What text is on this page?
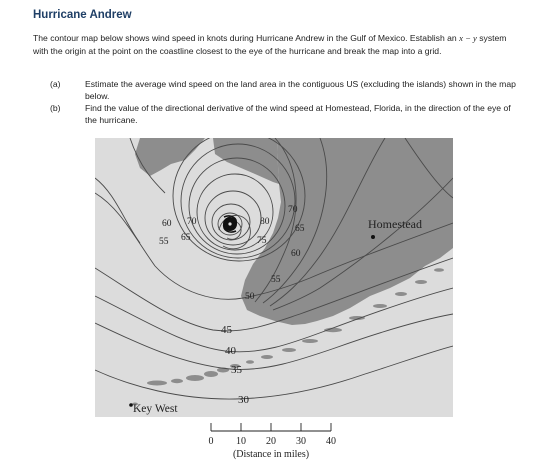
Hurricane Andrew
The contour map below shows wind speed in knots during Hurricane Andrew in the Gulf of Mexico. Establish an x − y system with the origin at the point on the coastline closest to the eye of the hurricane and break the map into a grid.
(a)	Estimate the average wind speed on the land area in the contiguous US (excluding the islands) shown in the map below.
(b)	Find the value of the directional derivative of the wind speed at Homestead, Florida, in the direction of the eye of the hurricane.
60 70
55 65
80
75
70
65
60
55
50
45
40
35
30
Homestead
Key West
0 10 20 30 40
(Distance in miles)
